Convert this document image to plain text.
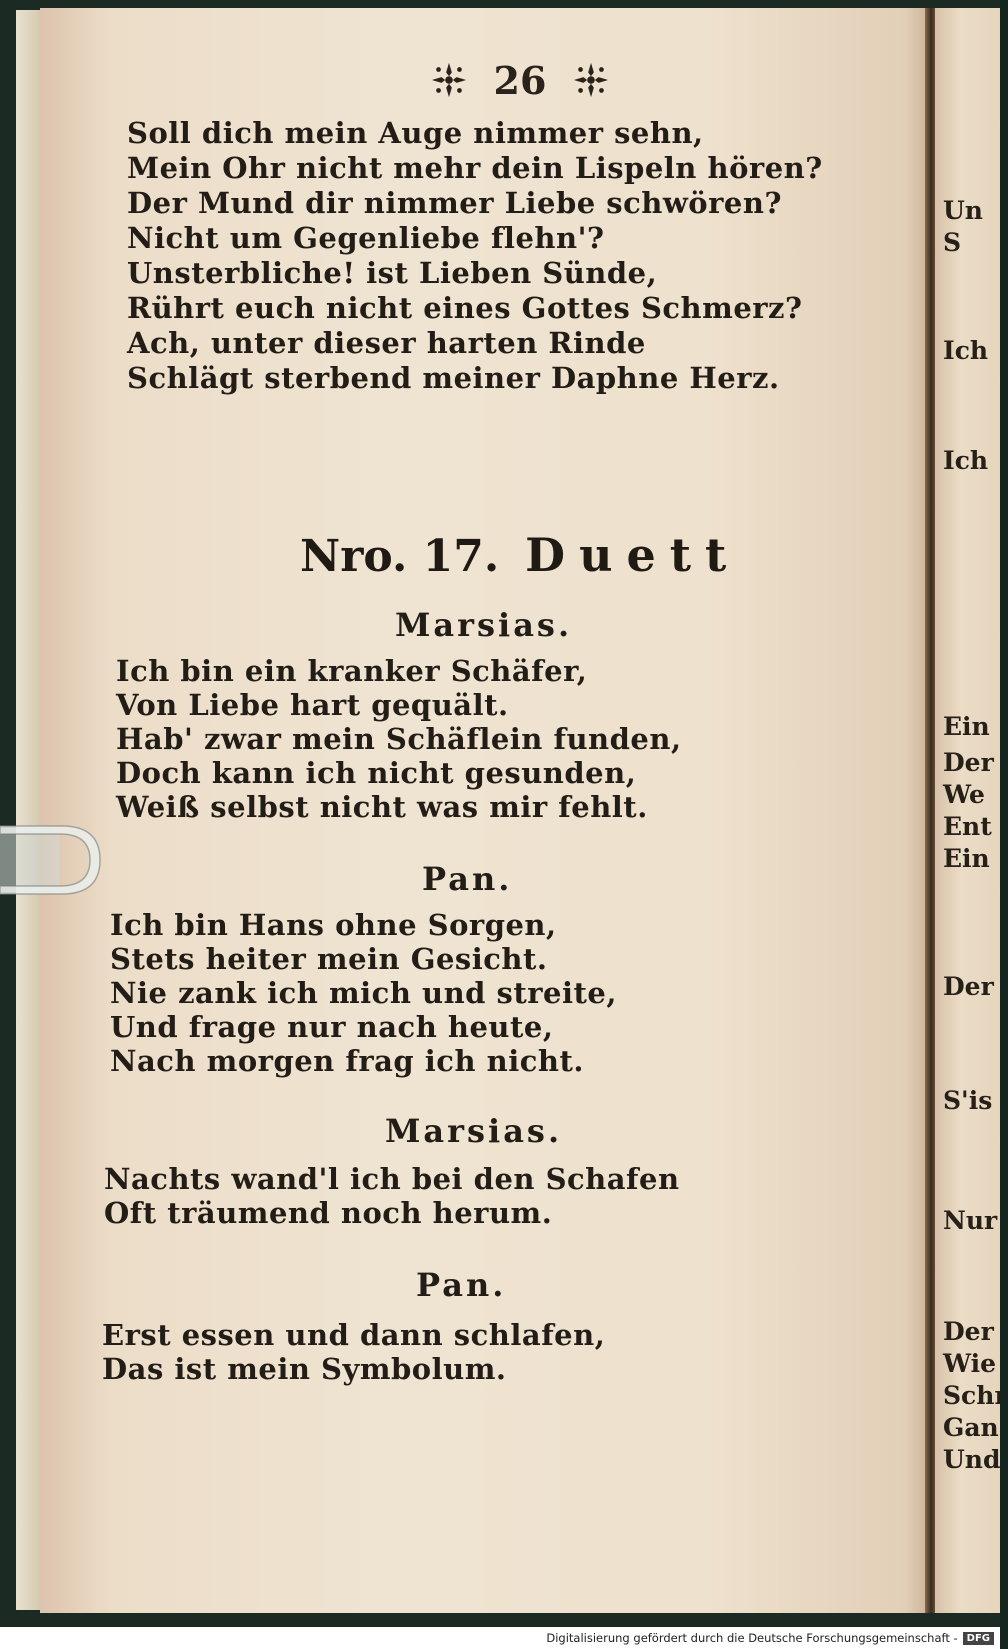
Un
S
Ich
Ich
Ein
Der
We
Ent
Ein
Der
S'is
Nur
Der
Wie
Schr
Gan
Und
26
Soll dich mein Auge nimmer sehn,
Mein Ohr nicht mehr dein Lispeln hören?
Der Mund dir nimmer Liebe schwören?
Nicht um Gegenliebe flehn'?
Unsterbliche! ist Lieben Sünde,
Rührt euch nicht eines Gottes Schmerz?
Ach, unter dieser harten Rinde
Schlägt sterbend meiner Daphne Herz.
Nro. 17. Duett
Marsias.
Ich bin ein kranker Schäfer,
Von Liebe hart gequält.
Hab' zwar mein Schäflein funden,
Doch kann ich nicht gesunden,
Weiß selbst nicht was mir fehlt.
Pan.
Ich bin Hans ohne Sorgen,
Stets heiter mein Gesicht.
Nie zank ich mich und streite,
Und frage nur nach heute,
Nach morgen frag ich nicht.
Marsias.
Nachts wand'l ich bei den Schafen
Oft träumend noch herum.
Pan.
Erst essen und dann schlafen,
Das ist mein Symbolum.
Digitalisierung gefördert durch die Deutsche Forschungsgemeinschaft - DFG
